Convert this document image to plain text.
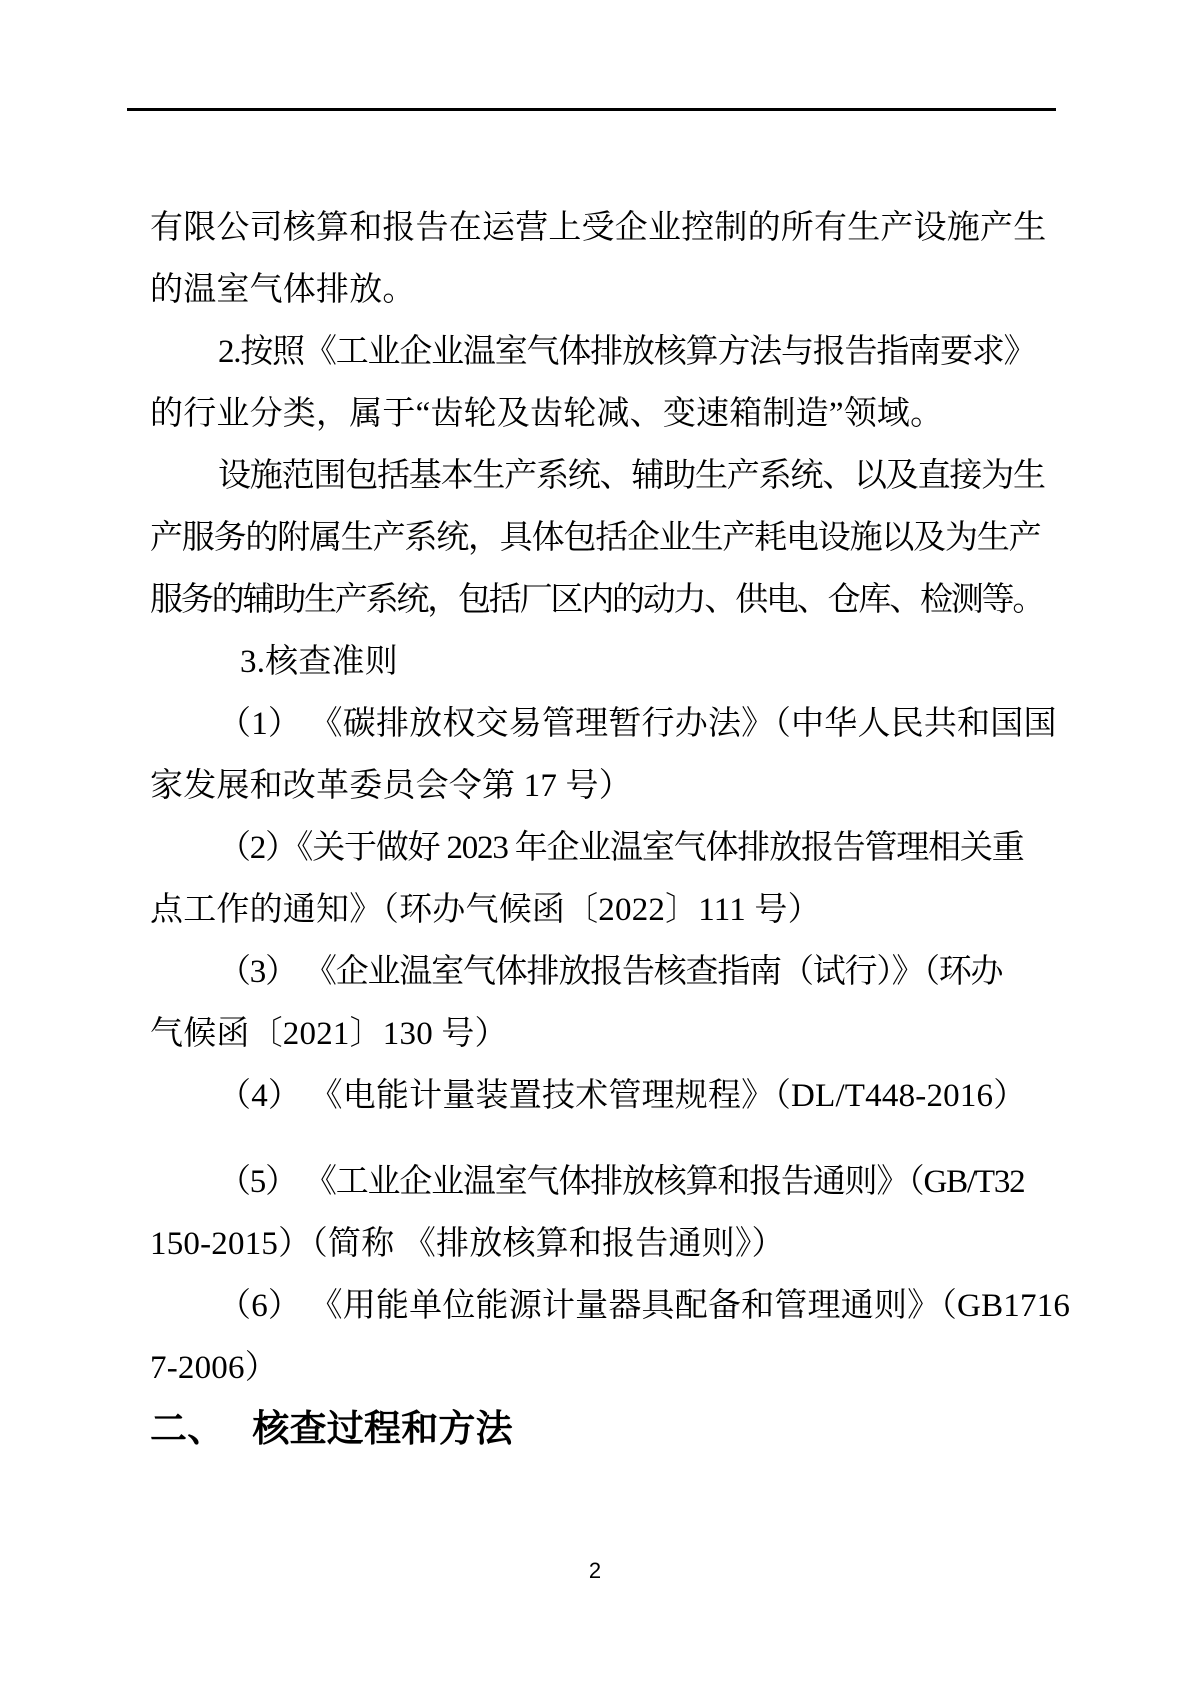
有限公司核算和报告在运营上受企业控制的所有生产设施产生
的温室气体排放。
2.按照《工业企业温室气体排放核算方法与报告指南要求》
的行业分类，属于“齿轮及齿轮减、变速箱制造”领域。
设施范围包括基本生产系统、辅助生产系统、以及直接为生
产服务的附属生产系统，具体包括企业生产耗电设施以及为生产
服务的辅助生产系统，包括厂区内的动力、供电、仓库、检测等。
3.核查准则
（1） 《碳排放权交易管理暂行办法》（中华人民共和国国
家发展和改革委员会令第 17 号）
（2）《关于做好 2023 年企业温室气体排放报告管理相关重
点工作的通知》（环办气候函〔2022〕111 号）
（3） 《企业温室气体排放报告核查指南（试行）》（环办
气候函〔2021〕130 号）
（4） 《电能计量装置技术管理规程》（DL/T448-2016）
（5） 《工业企业温室气体排放核算和报告通则》（GB/T32
150-2015）（简称 《排放核算和报告通则》）
（6） 《用能单位能源计量器具配备和管理通则》（GB1716
7-2006）
二、 核查过程和方法
2
